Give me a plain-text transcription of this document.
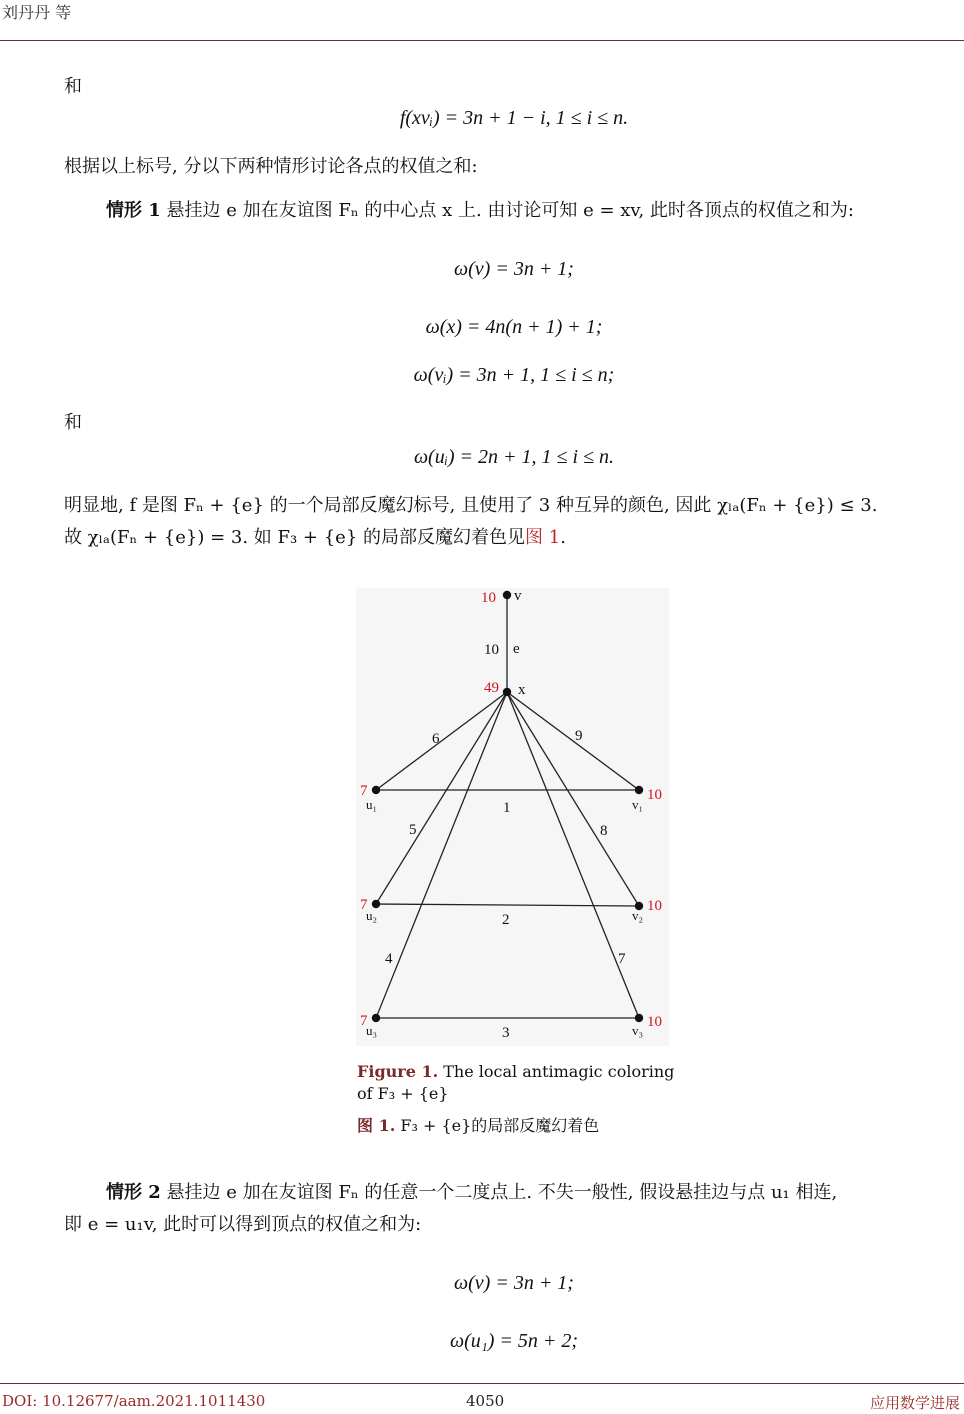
刘丹丹 等
和
f(xvᵢ) = 3n + 1 − i, 1 ≤ i ≤ n.
根据以上标号, 分以下两种情形讨论各点的权值之和:
情形 1 悬挂边 e 加在友谊图 Fₙ 的中心点 x 上. 由讨论可知 e = xv, 此时各顶点的权值之和为:
ω(v) = 3n + 1;
ω(x) = 4n(n + 1) + 1;
ω(vᵢ) = 3n + 1, 1 ≤ i ≤ n;
和
ω(uᵢ) = 2n + 1, 1 ≤ i ≤ n.
明显地, f 是图 Fₙ + {e} 的一个局部反魔幻标号, 且使用了 3 种互异的颜色, 因此 χₗₐ(Fₙ + {e}) ≤ 3.
故 χₗₐ(Fₙ + {e}) = 3. 如 F₃ + {e} 的局部反魔幻着色见图 1.
v
x
u₁	v₁
u₂	v₂
u₃	v₃
10
49
7	10
7	10
7	10
10 e
6	9
1
5	8
2
4	7
3
Figure 1. The local antimagic coloring of F₃ + {e}
图 1. F₃ + {e}的局部反魔幻着色
情形 2 悬挂边 e 加在友谊图 Fₙ 的任意一个二度点上. 不失一般性, 假设悬挂边与点 u₁ 相连,
即 e = u₁v, 此时可以得到顶点的权值之和为:
ω(v) = 3n + 1;
ω(u₁) = 5n + 2;
DOI: 10.12677/aam.2021.1011430	4050	应用数学进展
